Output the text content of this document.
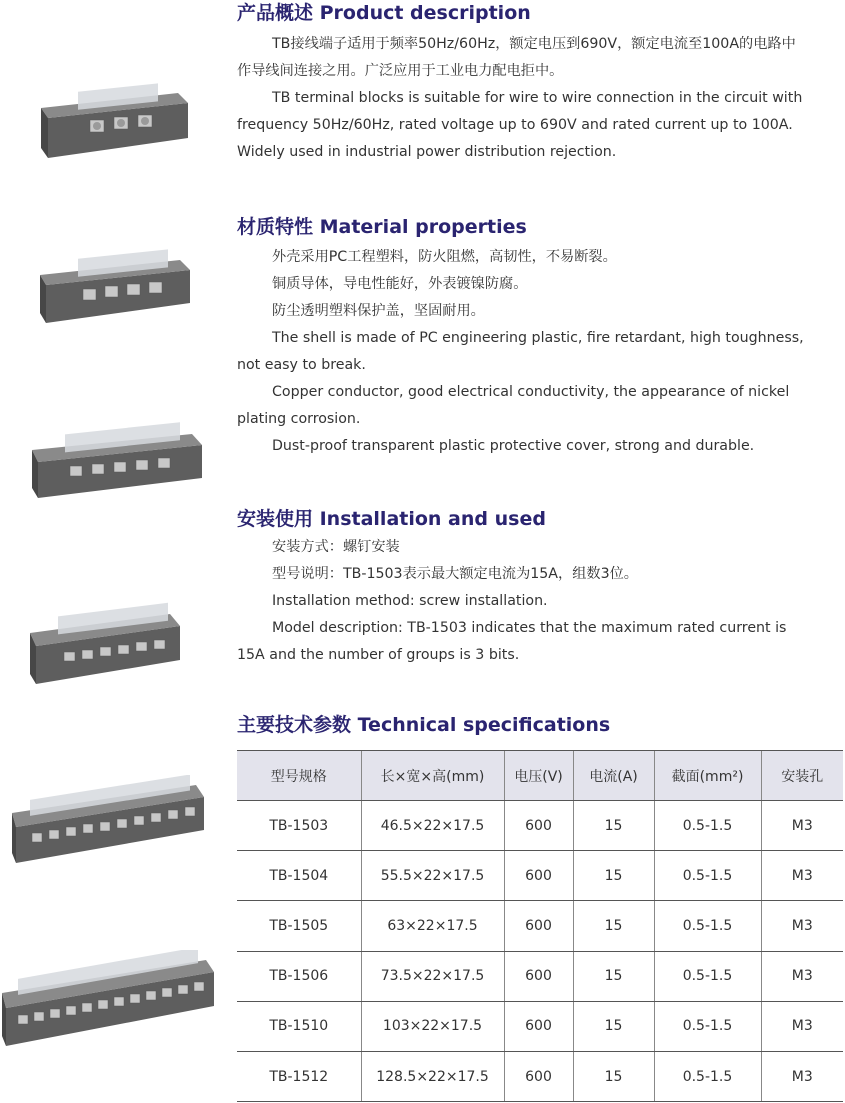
产品概述 Product description
TB接线端子适用于频率50Hz/60Hz，额定电压到690V，额定电流至100A的电路中
作导线间连接之用。广泛应用于工业电力配电拒中。
TB terminal blocks is suitable for wire to wire connection in the circuit with
frequency 50Hz/60Hz, rated voltage up to 690V and rated current up to 100A.
Widely used in industrial power distribution rejection.
材质特性 Material properties
外壳采用PC工程塑料，防火阻燃，高韧性，不易断裂。
铜质导体，导电性能好，外表镀镍防腐。
防尘透明塑料保护盖，坚固耐用。
The shell is made of PC engineering plastic, fire retardant, high toughness,
not easy to break.
Copper conductor, good electrical conductivity, the appearance of nickel
plating corrosion.
Dust-proof transparent plastic protective cover, strong and durable.
安装使用 Installation and used
安装方式：螺钉安装
型号说明：TB-1503表示最大额定电流为15A，组数3位。
Installation method: screw installation.
Model description: TB-1503 indicates that the maximum rated current is
15A and the number of groups is 3 bits.
主要技术参数 Technical specifications
型号规格	长×宽×高(mm)	电压(V)	电流(A)	截面(mm²)	安装孔
TB-1503	46.5×22×17.5	600	15	0.5-1.5	M3
TB-1504	55.5×22×17.5	600	15	0.5-1.5	M3
TB-1505	63×22×17.5	600	15	0.5-1.5	M3
TB-1506	73.5×22×17.5	600	15	0.5-1.5	M3
TB-1510	103×22×17.5	600	15	0.5-1.5	M3
TB-1512	128.5×22×17.5	600	15	0.5-1.5	M3
